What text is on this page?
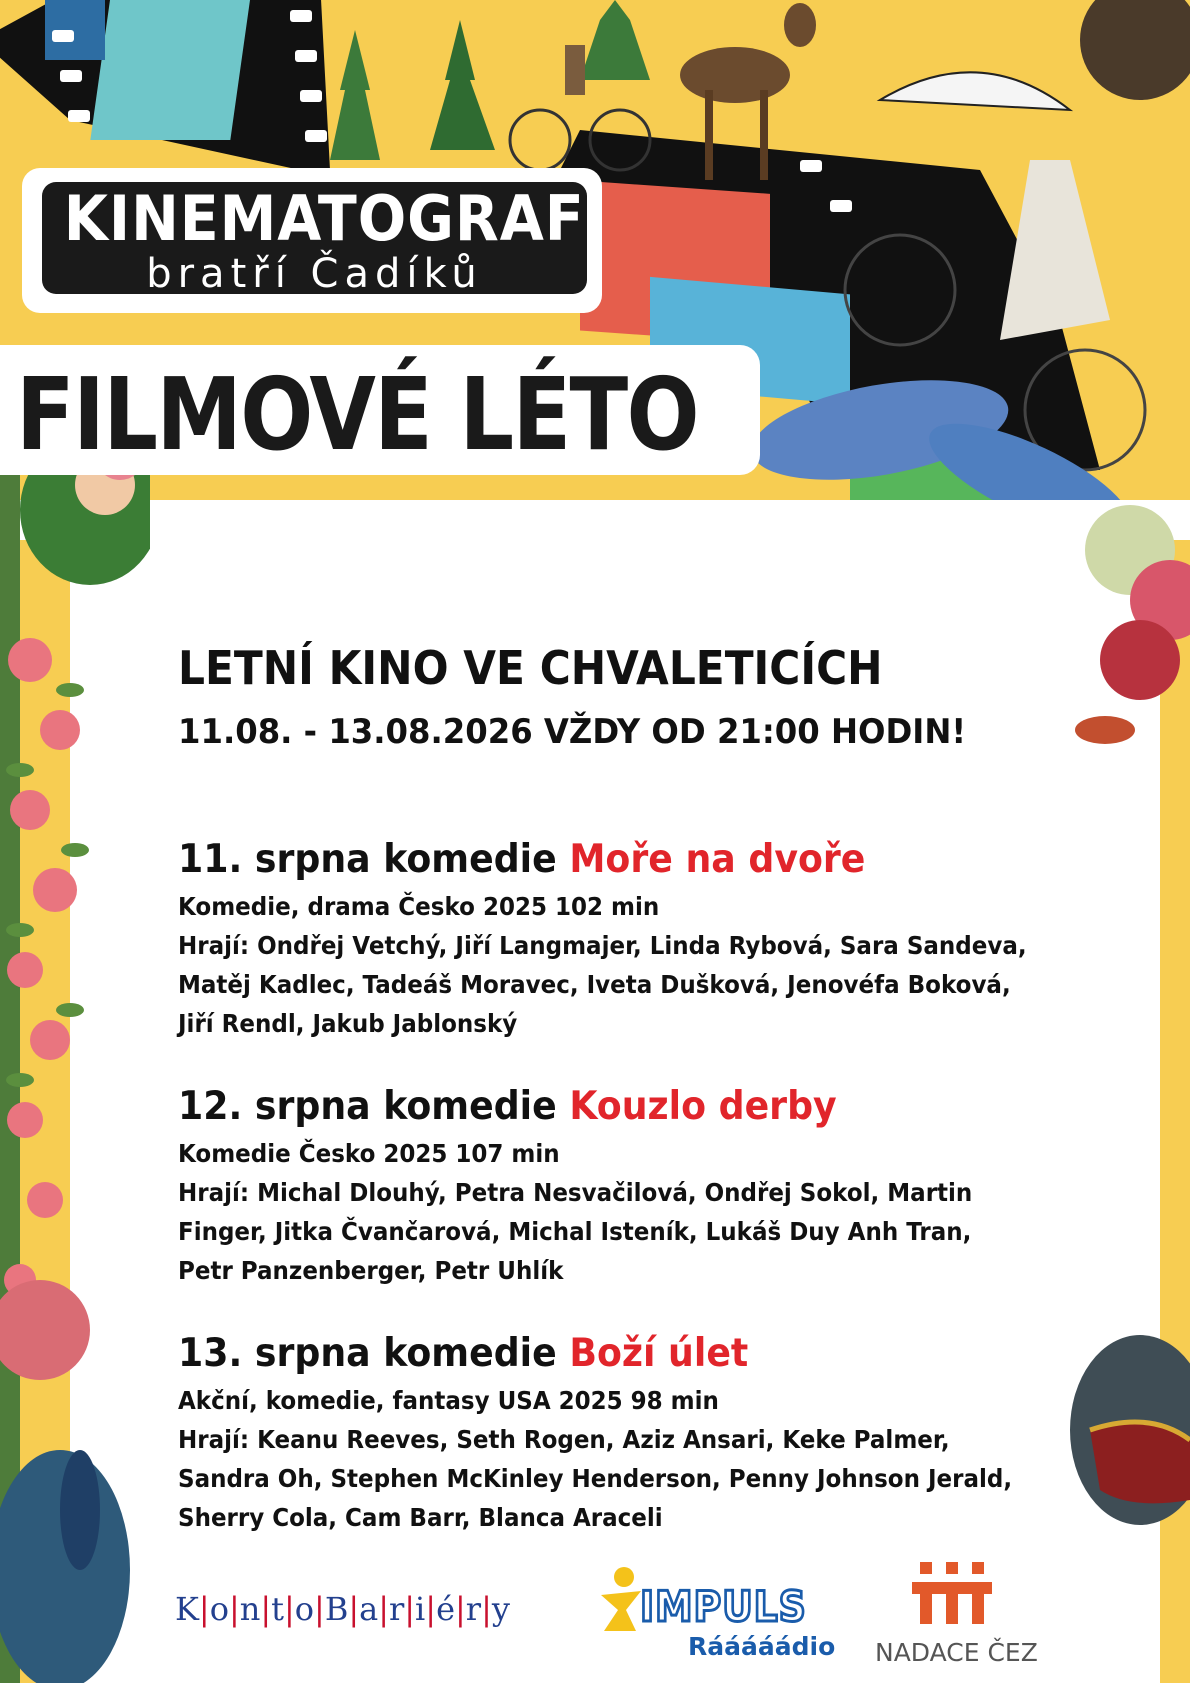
KINEMATOGRAF
bratří Čadíků
FILMOVÉ LÉTO
LETNÍ KINO VE CHVALETICÍCH
11.08. - 13.08.2026 VŽDY OD 21:00 HODIN!
11. srpna komedie Moře na dvoře
Komedie, drama Česko 2025 102 min
Hrají: Ondřej Vetchý, Jiří Langmajer, Linda Rybová, Sara Sandeva, Matěj Kadlec, Tadeáš Moravec, Iveta Dušková, Jenovéfa Boková, Jiří Rendl, Jakub Jablonský
12. srpna komedie Kouzlo derby
Komedie Česko 2025 107 min
Hrají: Michal Dlouhý, Petra Nesvačilová, Ondřej Sokol, Martin Finger, Jitka Čvančarová, Michal Isteník, Lukáš Duy Anh Tran, Petr Panzenberger, Petr Uhlík
13. srpna komedie Boží úlet
Akční, komedie, fantasy USA 2025 98 min
Hrají: Keanu Reeves, Seth Rogen, Aziz Ansari, Keke Palmer, Sandra Oh, Stephen McKinley Henderson, Penny Johnson Jerald, Sherry Cola, Cam Barr, Blanca Araceli
K|o|n|t|o|B|a|r|i|é|r|y	IMPULS
Rááááádio NADACE ČEZ
